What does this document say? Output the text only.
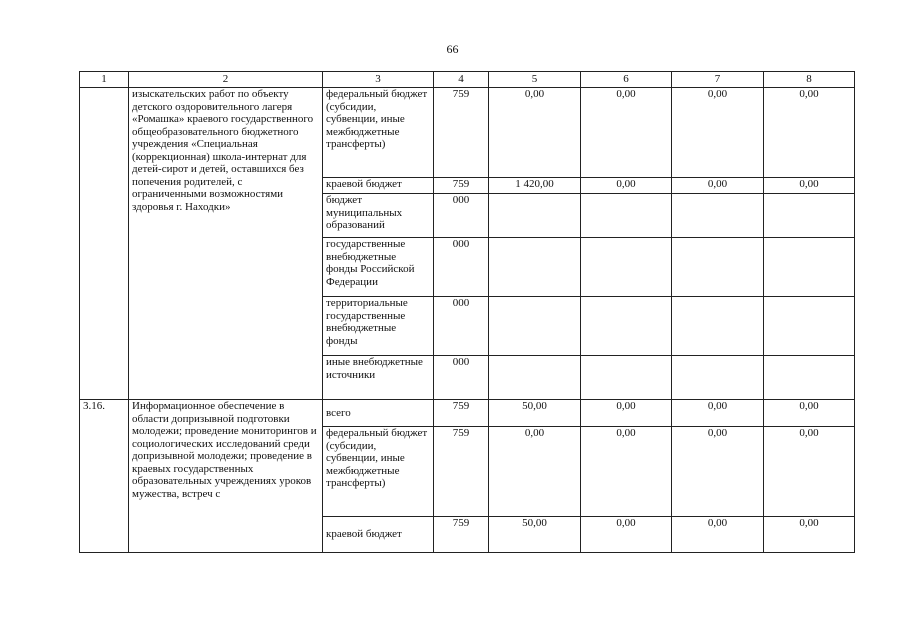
66
1	2	3	4	5	6	7	8
	изыскательских работ по объекту детского оздоровительного лагеря «Ромашка» краевого государственного общеобразовательного бюджетного учреждения «Специальная (коррекционная) школа-интернат для детей-сирот и детей, оставшихся без попечения родителей, с ограниченными возможностями здоровья г. Находки»	федеральный бюджет (субсидии, субвенции, иные межбюджетные трансферты)	759	0,00	0,00	0,00	0,00
		краевой бюджет	759	1 420,00	0,00	0,00	0,00
		бюджет муниципальных образований	000				
		государственные внебюджетные фонды Российской Федерации	000				
		территориальные государственные внебюджетные фонды	000				
		иные внебюджетные источники	000				
3.16.	Информационное обеспечение в области допризывной подготовки молодежи; проведение мониторингов и социологических исследований среди допризывной молодежи; проведение в краевых государственных образовательных учреждениях уроков мужества, встреч с	всего	759	50,00	0,00	0,00	0,00
		федеральный бюджет (субсидии, субвенции, иные межбюджетные трансферты)	759	0,00	0,00	0,00	0,00
		краевой бюджет	759	50,00	0,00	0,00	0,00
